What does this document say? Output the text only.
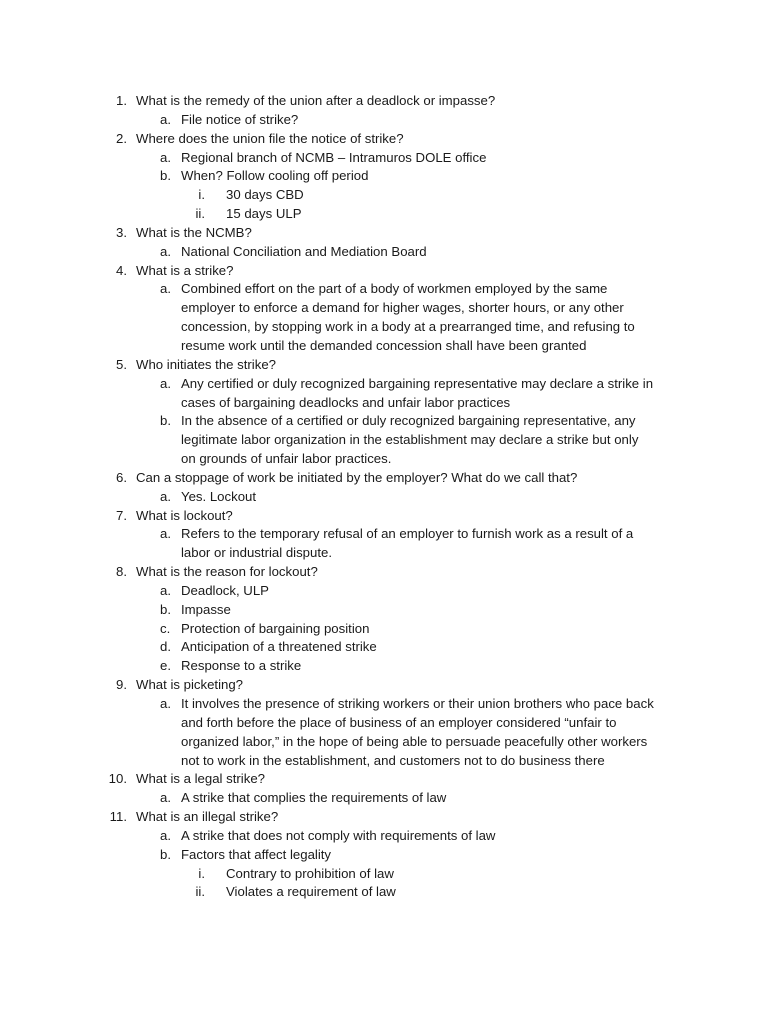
1. What is the remedy of the union after a deadlock or impasse?
a. File notice of strike?
2. Where does the union file the notice of strike?
a. Regional branch of NCMB – Intramuros DOLE office
b. When? Follow cooling off period
i. 30 days CBD
ii. 15 days ULP
3. What is the NCMB?
a. National Conciliation and Mediation Board
4. What is a strike?
a. Combined effort on the part of a body of workmen employed by the same
employer to enforce a demand for higher wages, shorter hours, or any other
concession, by stopping work in a body at a prearranged time, and refusing to
resume work until the demanded concession shall have been granted
5. Who initiates the strike?
a. Any certified or duly recognized bargaining representative may declare a strike in
cases of bargaining deadlocks and unfair labor practices
b. In the absence of a certified or duly recognized bargaining representative, any
legitimate labor organization in the establishment may declare a strike but only
on grounds of unfair labor practices.
6. Can a stoppage of work be initiated by the employer? What do we call that?
a. Yes. Lockout
7. What is lockout?
a. Refers to the temporary refusal of an employer to furnish work as a result of a
labor or industrial dispute.
8. What is the reason for lockout?
a. Deadlock, ULP
b. Impasse
c. Protection of bargaining position
d. Anticipation of a threatened strike
e. Response to a strike
9. What is picketing?
a. It involves the presence of striking workers or their union brothers who pace back
and forth before the place of business of an employer considered “unfair to
organized labor,” in the hope of being able to persuade peacefully other workers
not to work in the establishment, and customers not to do business there
10. What is a legal strike?
a. A strike that complies the requirements of law
11. What is an illegal strike?
a. A strike that does not comply with requirements of law
b. Factors that affect legality
i. Contrary to prohibition of law
ii. Violates a requirement of law
